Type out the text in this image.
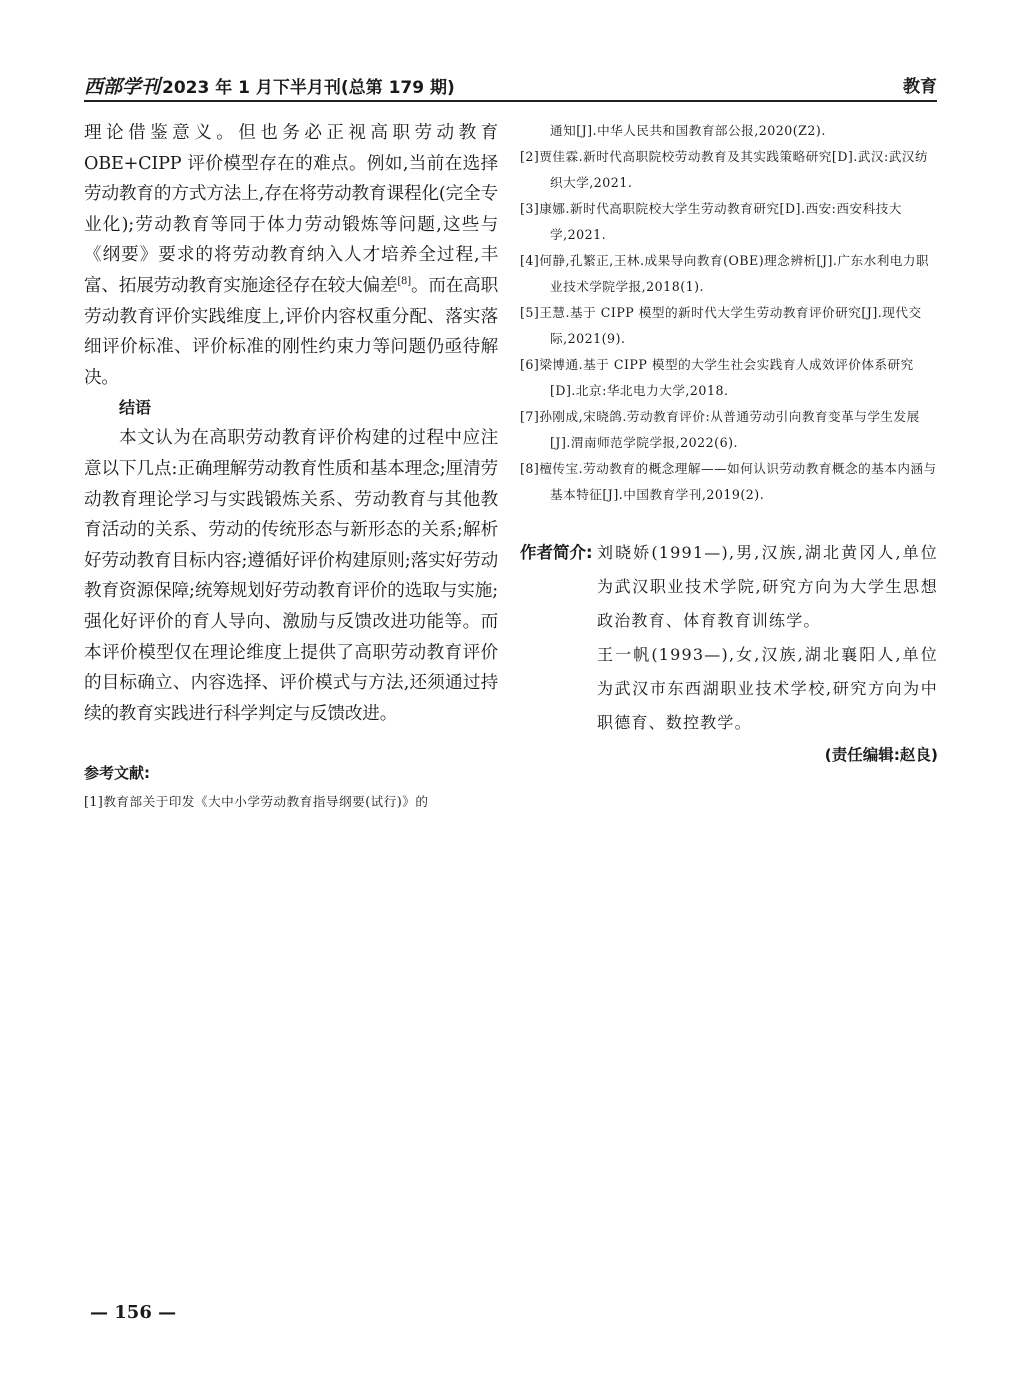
西部学刊 2023 年 1 月下半月刊(总第 179 期)	教育

理论借鉴意义。但也务必正视高职劳动教育 OBE+CIPP 评价模型存在的难点。例如,当前在选择劳动教育的方式方法上,存在将劳动教育课程化(完全专业化);劳动教育等同于体力劳动锻炼等问题,这些与《纲要》要求的将劳动教育纳入人才培养全过程,丰富、拓展劳动教育实施途径存在较大偏差[8]。而在高职劳动教育评价实践维度上,评价内容权重分配、落实落细评价标准、评价标准的刚性约束力等问题仍亟待解决。

结语

本文认为在高职劳动教育评价构建的过程中应注意以下几点:正确理解劳动教育性质和基本理念;厘清劳动教育理论学习与实践锻炼关系、劳动教育与其他教育活动的关系、劳动的传统形态与新形态的关系;解析好劳动教育目标内容;遵循好评价构建原则;落实好劳动教育资源保障;统筹规划好劳动教育评价的选取与实施;强化好评价的育人导向、激励与反馈改进功能等。而本评价模型仅在理论维度上提供了高职劳动教育评价的目标确立、内容选择、评价模式与方法,还须通过持续的教育实践进行科学判定与反馈改进。

参考文献:

[1]教育部关于印发《大中小学劳动教育指导纲要(试行)》的

通知[J].中华人民共和国教育部公报,2020(Z2).

[2]贾佳霖.新时代高职院校劳动教育及其实践策略研究[D].武汉:武汉纺织大学,2021.

[3]康娜.新时代高职院校大学生劳动教育研究[D].西安:西安科技大学,2021.

[4]何静,孔繁正,王林.成果导向教育(OBE)理念辨析[J].广东水利电力职业技术学院学报,2018(1).

[5]王慧.基于 CIPP 模型的新时代大学生劳动教育评价研究[J].现代交际,2021(9).

[6]梁博通.基于 CIPP 模型的大学生社会实践育人成效评价体系研究[D].北京:华北电力大学,2018.

[7]孙刚成,宋晓鸽.劳动教育评价:从普通劳动引向教育变革与学生发展[J].渭南师范学院学报,2022(6).

[8]檀传宝.劳动教育的概念理解——如何认识劳动教育概念的基本内涵与基本特征[J].中国教育学刊,2019(2).

作者简介: 刘晓娇(1991—),男,汉族,湖北黄冈人,单位为武汉职业技术学院,研究方向为大学生思想政治教育、体育教育训练学。

王一帆(1993—),女,汉族,湖北襄阳人,单位为武汉市东西湖职业技术学校,研究方向为中职德育、数控教学。

(责任编辑:赵良)
— 156 —
